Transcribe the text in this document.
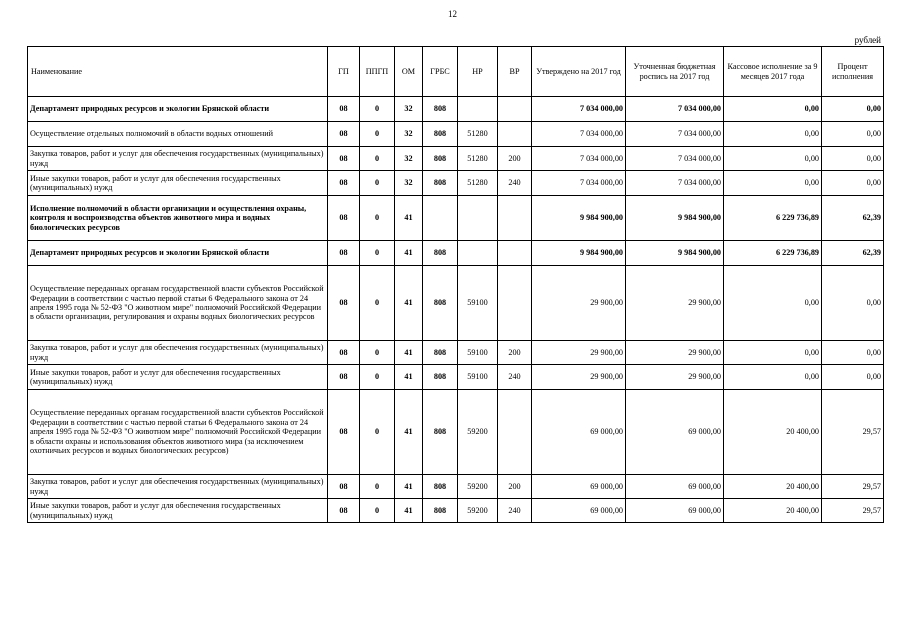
12
рублей
Наименование	ГП	ППГП	ОМ	ГРБС	НР	ВР	Утверждено на 2017 год	Уточненная бюджетная роспись на 2017 год	Кассовое исполнение за 9 месяцев 2017 года	Процент исполнения
Департамент природных ресурсов и экологии Брянской области	08	0	32	808			7 034 000,00	7 034 000,00	0,00	0,00
Осуществление отдельных полномочий в области водных отношений	08	0	32	808	51280		7 034 000,00	7 034 000,00	0,00	0,00
Закупка товаров, работ и услуг для обеспечения государственных (муниципальных) нужд	08	0	32	808	51280	200	7 034 000,00	7 034 000,00	0,00	0,00
Иные закупки товаров, работ и услуг для обеспечения государственных (муниципальных) нужд	08	0	32	808	51280	240	7 034 000,00	7 034 000,00	0,00	0,00
Исполнение полномочий в области организации и осуществления охраны, контроля и воспроизводства объектов животного мира и водных биологических ресурсов	08	0	41				9 984 900,00	9 984 900,00	6 229 736,89	62,39
Департамент природных ресурсов и экологии Брянской области	08	0	41	808			9 984 900,00	9 984 900,00	6 229 736,89	62,39
Осуществление переданных органам государственной власти субъектов Российской Федерации в соответствии с частью первой статьи 6 Федерального закона от 24 апреля 1995 года № 52-ФЗ "О животном мире" полномочий Российской Федерации в области организации, регулирования и охраны водных биологических ресурсов	08	0	41	808	59100		29 900,00	29 900,00	0,00	0,00
Закупка товаров, работ и услуг для обеспечения государственных (муниципальных) нужд	08	0	41	808	59100	200	29 900,00	29 900,00	0,00	0,00
Иные закупки товаров, работ и услуг для обеспечения государственных (муниципальных) нужд	08	0	41	808	59100	240	29 900,00	29 900,00	0,00	0,00
Осуществление переданных органам государственной власти субъектов Российской Федерации в соответствии с частью первой статьи 6 Федерального закона от 24 апреля 1995 года № 52-ФЗ "О животном мире" полномочий Российской Федерации в области охраны и использования объектов животного мира (за исключением охотничьих ресурсов и водных биологических ресурсов)	08	0	41	808	59200		69 000,00	69 000,00	20 400,00	29,57
Закупка товаров, работ и услуг для обеспечения государственных (муниципальных) нужд	08	0	41	808	59200	200	69 000,00	69 000,00	20 400,00	29,57
Иные закупки товаров, работ и услуг для обеспечения государственных (муниципальных) нужд	08	0	41	808	59200	240	69 000,00	69 000,00	20 400,00	29,57
